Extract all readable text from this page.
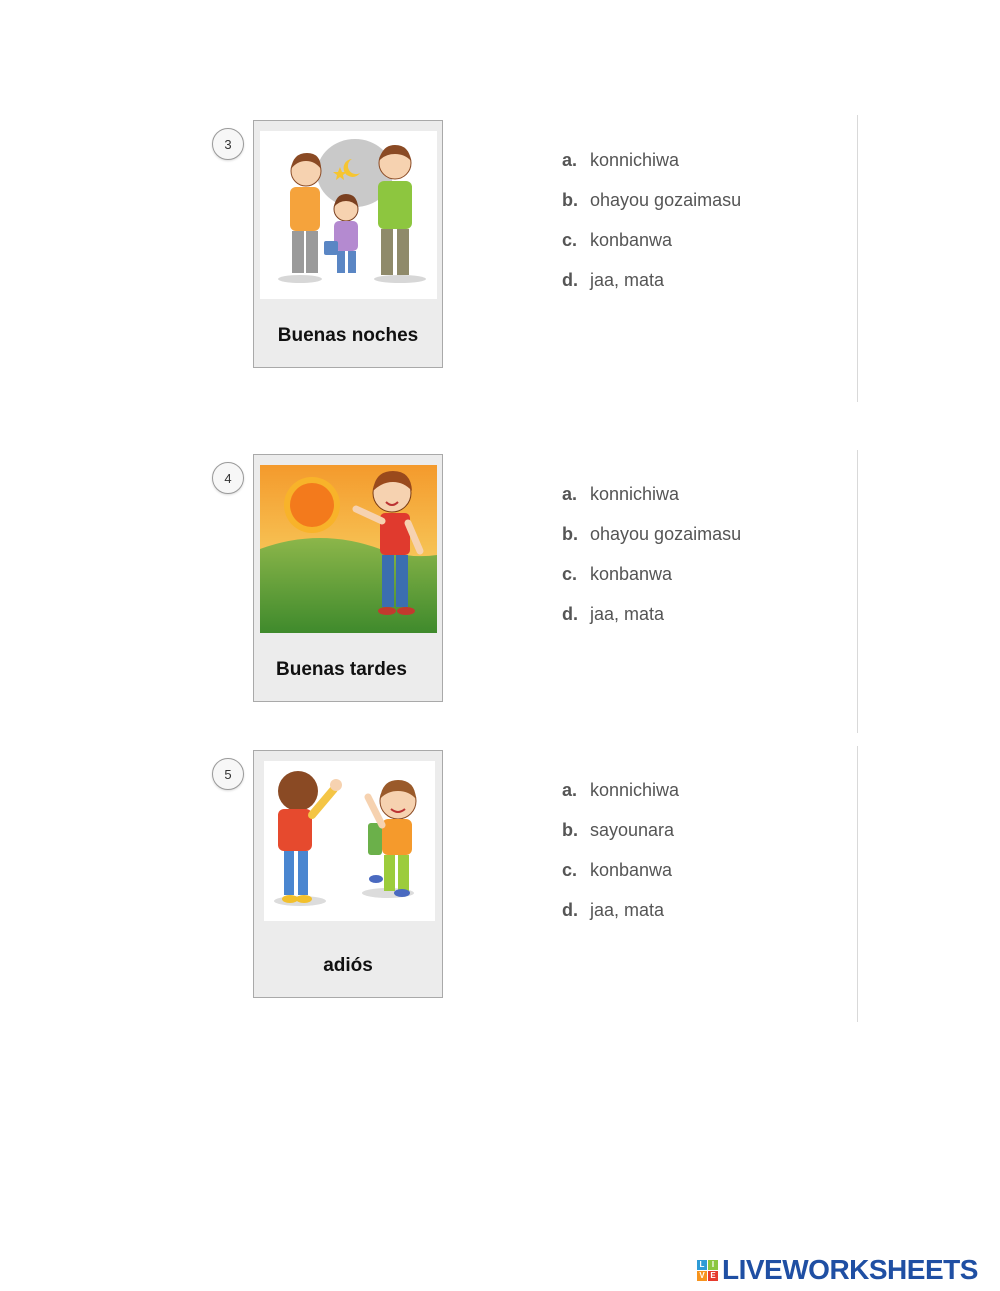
3
Buenas noches
a. konnichiwa
b. ohayou gozaimasu
c. konbanwa
d. jaa, mata
4
Buenas tardes
a. konnichiwa
b. ohayou gozaimasu
c. konbanwa
d. jaa, mata
5
adiós
a. konnichiwa
b. sayounara
c. konbanwa
d. jaa, mata
L I
V E LIVEWORKSHEETS
